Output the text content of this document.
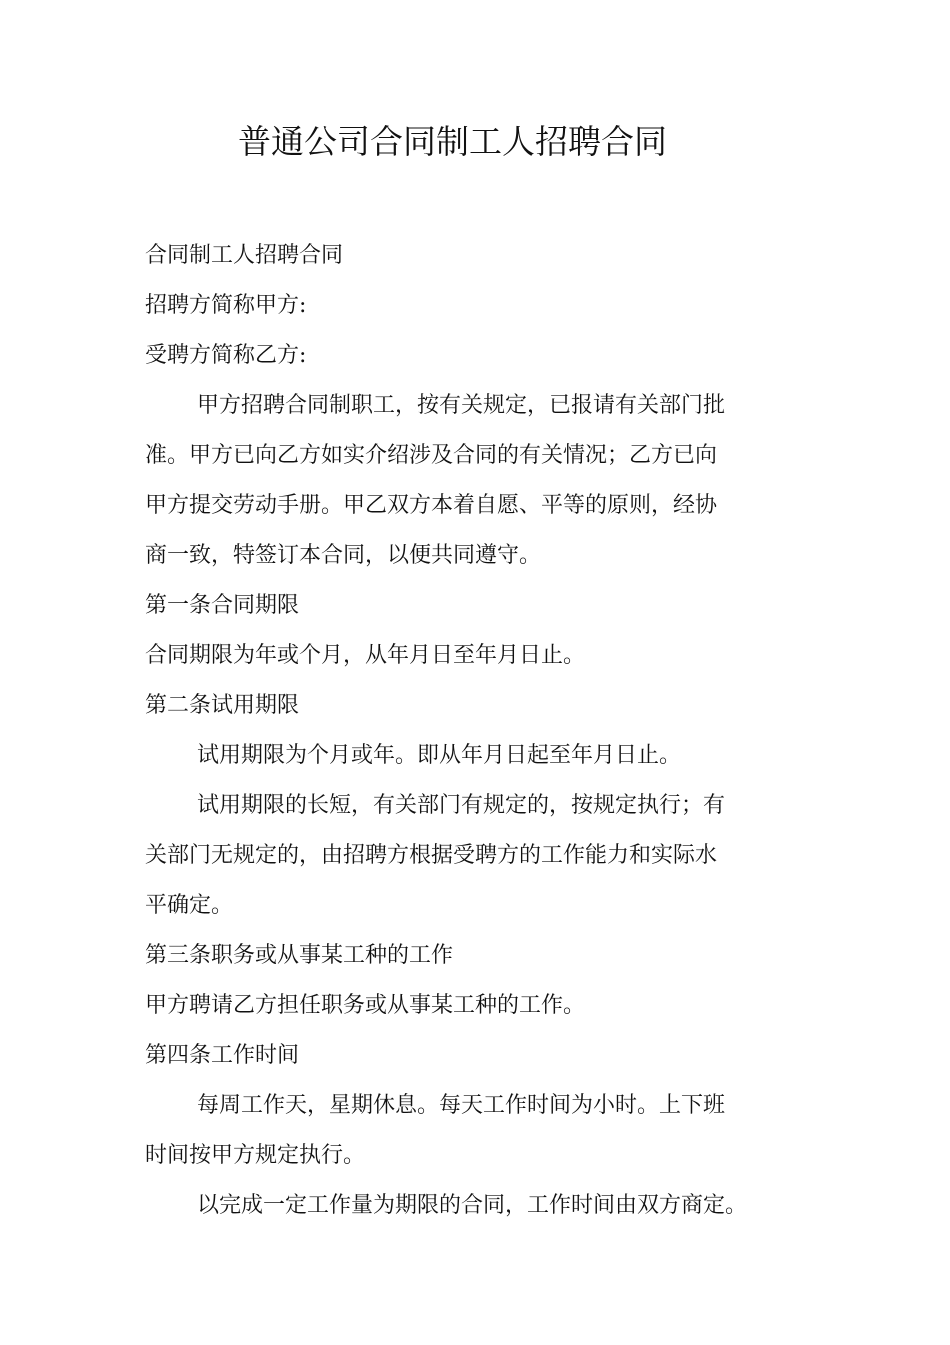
普通公司合同制工人招聘合同
合同制工人招聘合同
招聘方简称甲方:
受聘方简称乙方:
甲方招聘合同制职工，按有关规定，已报请有关部门批
准。甲方已向乙方如实介绍涉及合同的有关情况；乙方已向
甲方提交劳动手册。甲乙双方本着自愿、平等的原则，经协
商一致，特签订本合同，以便共同遵守。
第一条合同期限
合同期限为年或个月，从年月日至年月日止。
第二条试用期限
试用期限为个月或年。即从年月日起至年月日止。
试用期限的长短，有关部门有规定的，按规定执行；有
关部门无规定的，由招聘方根据受聘方的工作能力和实际水
平确定。
第三条职务或从事某工种的工作
甲方聘请乙方担任职务或从事某工种的工作。
第四条工作时间
每周工作天，星期休息。每天工作时间为小时。上下班
时间按甲方规定执行。
以完成一定工作量为期限的合同，工作时间由双方商定。
